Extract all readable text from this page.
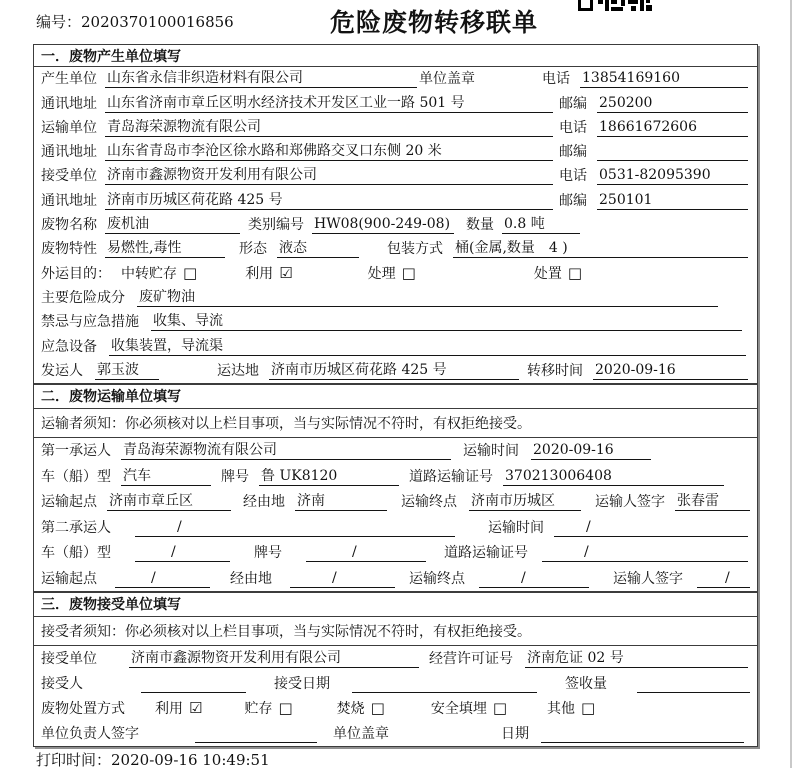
编号：2020370100016856	危险废物转移联单
一．废物产生单位填写
产生单位 山东省永信非织造材料有限公司	单位盖章	电话 13854169160
通讯地址 山东省济南市章丘区明水经济技术开发区工业一路 501 号	邮编 250200
运输单位 青岛海荣源物流有限公司	电话 18661672606
通讯地址 山东省青岛市李沧区徐水路和郑佛路交叉口东侧 20 米	邮编
接受单位 济南市鑫源物资开发利用有限公司	电话 0531-82095390
通讯地址 济南市历城区荷花路 425 号	邮编 250101
废物名称 废机油	类别编号 HW08(900-249-08) 数量 0.8 吨
废物特性 易燃性,毒性	形态 液态	包装方式 桶(金属,数量　4 )
外运目的： 中转贮存 □	利用 ☑	处理 □	处置 □
主要危险成分 废矿物油
禁忌与应急措施 收集、导流
应急设备 收集装置，导流渠
发运人 郭玉波	运达地 济南市历城区荷花路 425 号	转移时间 2020-09-16
二．废物运输单位填写
运输者须知：你必须核对以上栏目事项，当与实际情况不符时，有权拒绝接受。
第一承运人 青岛海荣源物流有限公司	运输时间 2020-09-16
车（船）型 汽车	牌号 鲁 UK8120	道路运输证号 370213006408
运输起点 济南市章丘区	经由地 济南	运输终点 济南市历城区	运输人签字 张春雷
第二承运人	/	运输时间	/
车（船）型	/	牌号	/	道路运输证号	/
运输起点	/	经由地	/	运输终点	/	运输人签字	/
三．废物接受单位填写
接受者须知：你必须核对以上栏目事项，当与实际情况不符时，有权拒绝接受。
接受单位 济南市鑫源物资开发利用有限公司	经营许可证号 济南危证 02 号
接受人	接受日期	签收量
废物处置方式 利用 ☑	贮存 □	焚烧 □	安全填埋 □	其他 □
单位负责人签字	单位盖章	日期
打印时间：2020-09-16 10:49:51
